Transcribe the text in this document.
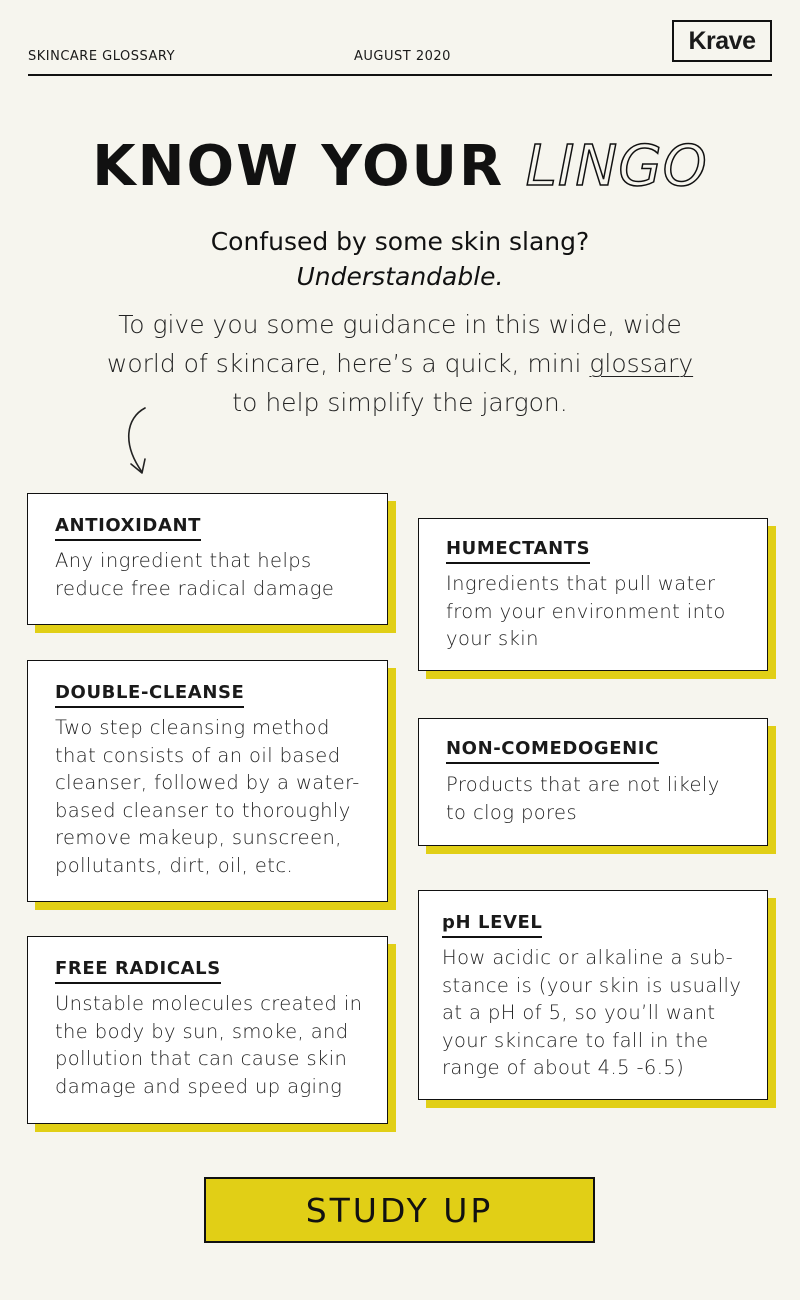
SKINCARE GLOSSARY	AUGUST 2020
Krave
KNOW YOUR LINGO
Confused by some skin slang?
Understandable.
To give you some guidance in this wide, wide world of skincare, here’s a quick, mini glossary to help simplify the jargon.
ANTIOXIDANT
Any ingredient that helps reduce free radical damage
HUMECTANTS
Ingredients that pull water from your environment into your skin
DOUBLE-CLEANSE
Two step cleansing method that consists of an oil based cleanser, followed by a water-based cleanser to thoroughly remove makeup, sunscreen, pollutants, dirt, oil, etc.
NON-COMEDOGENIC
Products that are not likely to clog pores
FREE RADICALS
Unstable molecules created in the body by sun, smoke, and pollution that can cause skin damage and speed up aging
pH LEVEL
How acidic or alkaline a sub-stance is (your skin is usually at a pH of 5, so you’ll want your skincare to fall in the range of about 4.5 -6.5)
STUDY UP
